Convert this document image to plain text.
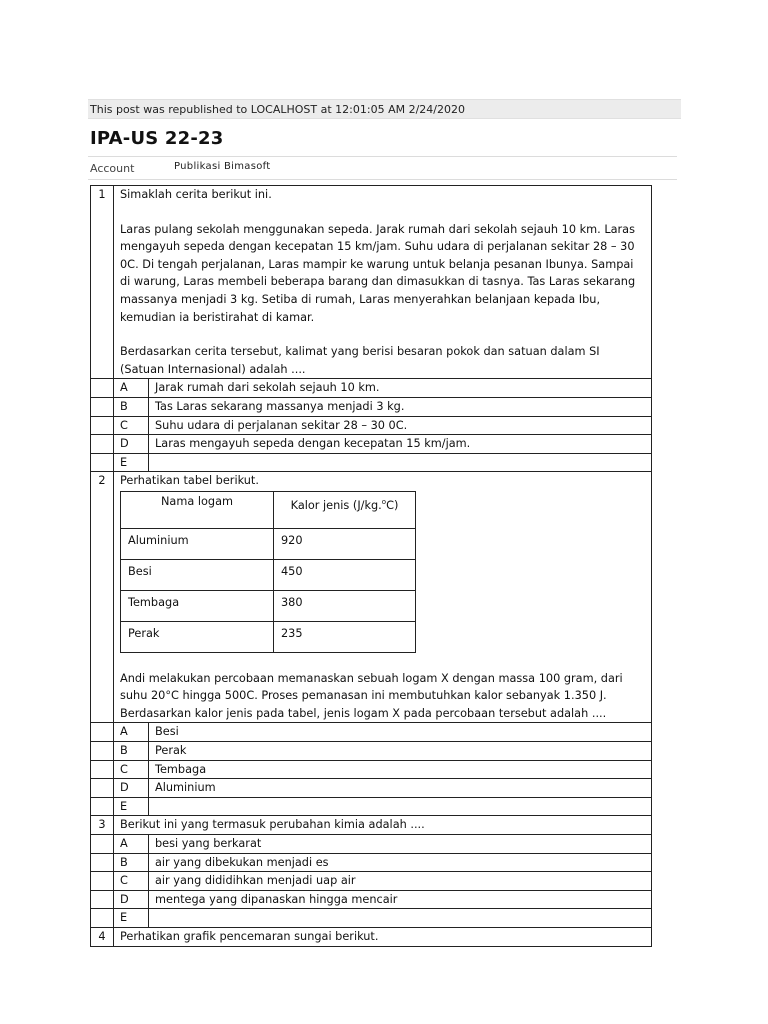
This post was republished to LOCALHOST at 12:01:05 AM 2/24/2020
IPA-US 22-23
Account	Publikasi Bimasoft
1	Simaklah cerita berikut ini.

Laras pulang sekolah menggunakan sepeda. Jarak rumah dari sekolah sejauh 10 km. Laras mengayuh sepeda dengan kecepatan 15 km/jam. Suhu udara di perjalanan sekitar 28 – 30 0C. Di tengah perjalanan, Laras mampir ke warung untuk belanja pesanan Ibunya. Sampai di warung, Laras membeli beberapa barang dan dimasukkan di tasnya. Tas Laras sekarang massanya menjadi 3 kg. Setiba di rumah, Laras menyerahkan belanjaan kepada Ibu, kemudian ia beristirahat di kamar.

Berdasarkan cerita tersebut, kalimat yang berisi besaran pokok dan satuan dalam SI (Satuan Internasional) adalah ....

	A	Jarak rumah dari sekolah sejauh 10 km.
	B	Tas Laras sekarang massanya menjadi 3 kg.
	C	Suhu udara di perjalanan sekitar 28 – 30 0C.
	D	Laras mengayuh sepeda dengan kecepatan 15 km/jam.
	E	
2	Perhatikan tabel berikut.

Nama logam	Kalor jenis (J/kg.$^o$C)
Aluminium	920
Besi	450
Tembaga	380
Perak	235

Andi melakukan percobaan memanaskan sebuah logam X dengan massa 100 gram, dari suhu 20°C hingga 500C. Proses pemanasan ini membutuhkan kalor sebanyak 1.350 J. Berdasarkan kalor jenis pada tabel, jenis logam X pada percobaan tersebut adalah ....

	A	Besi
	B	Perak
	C	Tembaga
	D	Aluminium
	E	
3	Berikut ini yang termasuk perubahan kimia adalah ....
	A	besi yang berkarat
	B	air yang dibekukan menjadi es
	C	air yang dididihkan menjadi uap air
	D	mentega yang dipanaskan hingga mencair
	E	
4	Perhatikan grafik pencemaran sungai berikut.
